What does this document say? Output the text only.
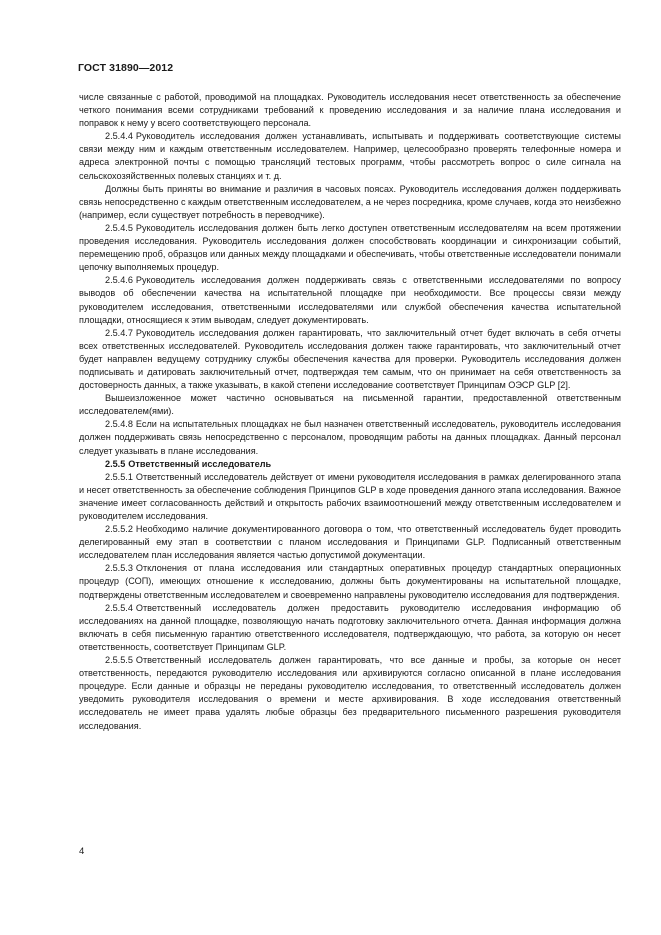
ГОСТ 31890—2012

числе связанные с работой, проводимой на площадках. Руководитель исследования несет ответственность за обеспечение четкого понимания всеми сотрудниками требований к проведению исследования и за наличие плана исследования и поправок к нему у всего соответствующего персонала.

2.5.4.4 Руководитель исследования должен устанавливать, испытывать и поддерживать соответствующие системы связи между ним и каждым ответственным исследователем. Например, целесообразно проверять телефонные номера и адреса электронной почты с помощью трансляций тестовых программ, чтобы рассмотреть вопрос о силе сигнала на сельскохозяйственных полевых станциях и т. д.

Должны быть приняты во внимание и различия в часовых поясах. Руководитель исследования должен поддерживать связь непосредственно с каждым ответственным исследователем, а не через посредника, кроме случаев, когда это неизбежно (например, если существует потребность в переводчике).

2.5.4.5 Руководитель исследования должен быть легко доступен ответственным исследователям на всем протяжении проведения исследования. Руководитель исследования должен способствовать координации и синхронизации событий, перемещению проб, образцов или данных между площадками и обеспечивать, чтобы ответственные исследователи понимали цепочку выполняемых процедур.

2.5.4.6 Руководитель исследования должен поддерживать связь с ответственными исследователями по вопросу выводов об обеспечении качества на испытательной площадке при необходимости. Все процессы связи между руководителем исследования, ответственными исследователями или службой обеспечения качества испытательной площадки, относящиеся к этим выводам, следует документировать.

2.5.4.7 Руководитель исследования должен гарантировать, что заключительный отчет будет включать в себя отчеты всех ответственных исследователей. Руководитель исследования должен также гарантировать, что заключительный отчет будет направлен ведущему сотруднику службы обеспечения качества для проверки. Руководитель исследования должен подписывать и датировать заключительный отчет, подтверждая тем самым, что он принимает на себя ответственность за достоверность данных, а также указывать, в какой степени исследование соответствует Принципам ОЭСР GLP [2].

Вышеизложенное может частично основываться на письменной гарантии, предоставленной ответственным исследователем(ями).

2.5.4.8 Если на испытательных площадках не был назначен ответственный исследователь, руководитель исследования должен поддерживать связь непосредственно с персоналом, проводящим работы на данных площадках. Данный персонал следует указывать в плане исследования.

2.5.5 Ответственный исследователь

2.5.5.1 Ответственный исследователь действует от имени руководителя исследования в рамках делегированного этапа и несет ответственность за обеспечение соблюдения Принципов GLP в ходе проведения данного этапа исследования. Важное значение имеет согласованность действий и открытость рабочих взаимоотношений между ответственным исследователем и руководителем исследования.

2.5.5.2 Необходимо наличие документированного договора о том, что ответственный исследователь будет проводить делегированный ему этап в соответствии с планом исследования и Принципами GLP. Подписанный ответственным исследователем план исследования является частью допустимой документации.

2.5.5.3 Отклонения от плана исследования или стандартных оперативных процедур стандартных операционных процедур (СОП), имеющих отношение к исследованию, должны быть документированы на испытательной площадке, подтверждены ответственным исследователем и своевременно направлены руководителю исследования для подтверждения.

2.5.5.4 Ответственный исследователь должен предоставить руководителю исследования информацию об исследованиях на данной площадке, позволяющую начать подготовку заключительного отчета. Данная информация должна включать в себя письменную гарантию ответственного исследователя, подтверждающую, что работа, за которую он несет ответственность, соответствует Принципам GLP.

2.5.5.5 Ответственный исследователь должен гарантировать, что все данные и пробы, за которые он несет ответственность, передаются руководителю исследования или архивируются согласно описанной в плане исследования процедуре. Если данные и образцы не переданы руководителю исследования, то ответственный исследователь должен уведомить руководителя исследования о времени и месте архивирования. В ходе исследования ответственный исследователь не имеет права удалять любые образцы без предварительного письменного разрешения руководителя исследования.

4
